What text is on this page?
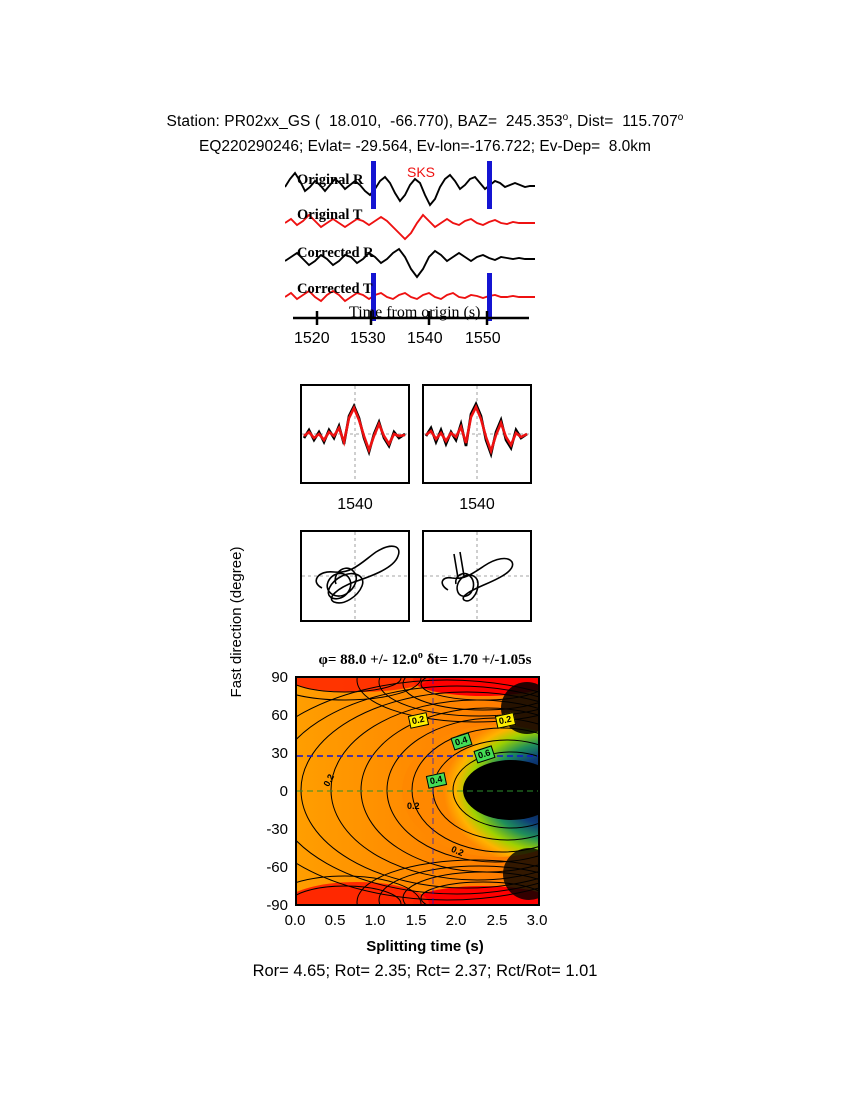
Station: PR02xx_GS (  18.010,  -66.770), BAZ=  245.353$^o$, Dist=  115.707$^o$
EQ220290246; Evlat= -29.564, Ev-lon=-176.722; Ev-Dep=  8.0km
Original R
Original T
Corrected R
Corrected T
SKS
Time from origin (s)
1520 1530 1540 1550
1540	1540
φ= 88.0 +/- 12.0$^o$ δt= 1.70 +/-1.05s
0.2	0.2
0.4
0.6
0.2	0.4
0.2
0.2
Fast direction (degree)	90
60
30
0
-30
-60
-90
0.0	0.5	1.0	1.5	2.0	2.5	3.0
Splitting time (s)
Ror= 4.65; Rot= 2.35; Rct= 2.37; Rct/Rot= 1.01
